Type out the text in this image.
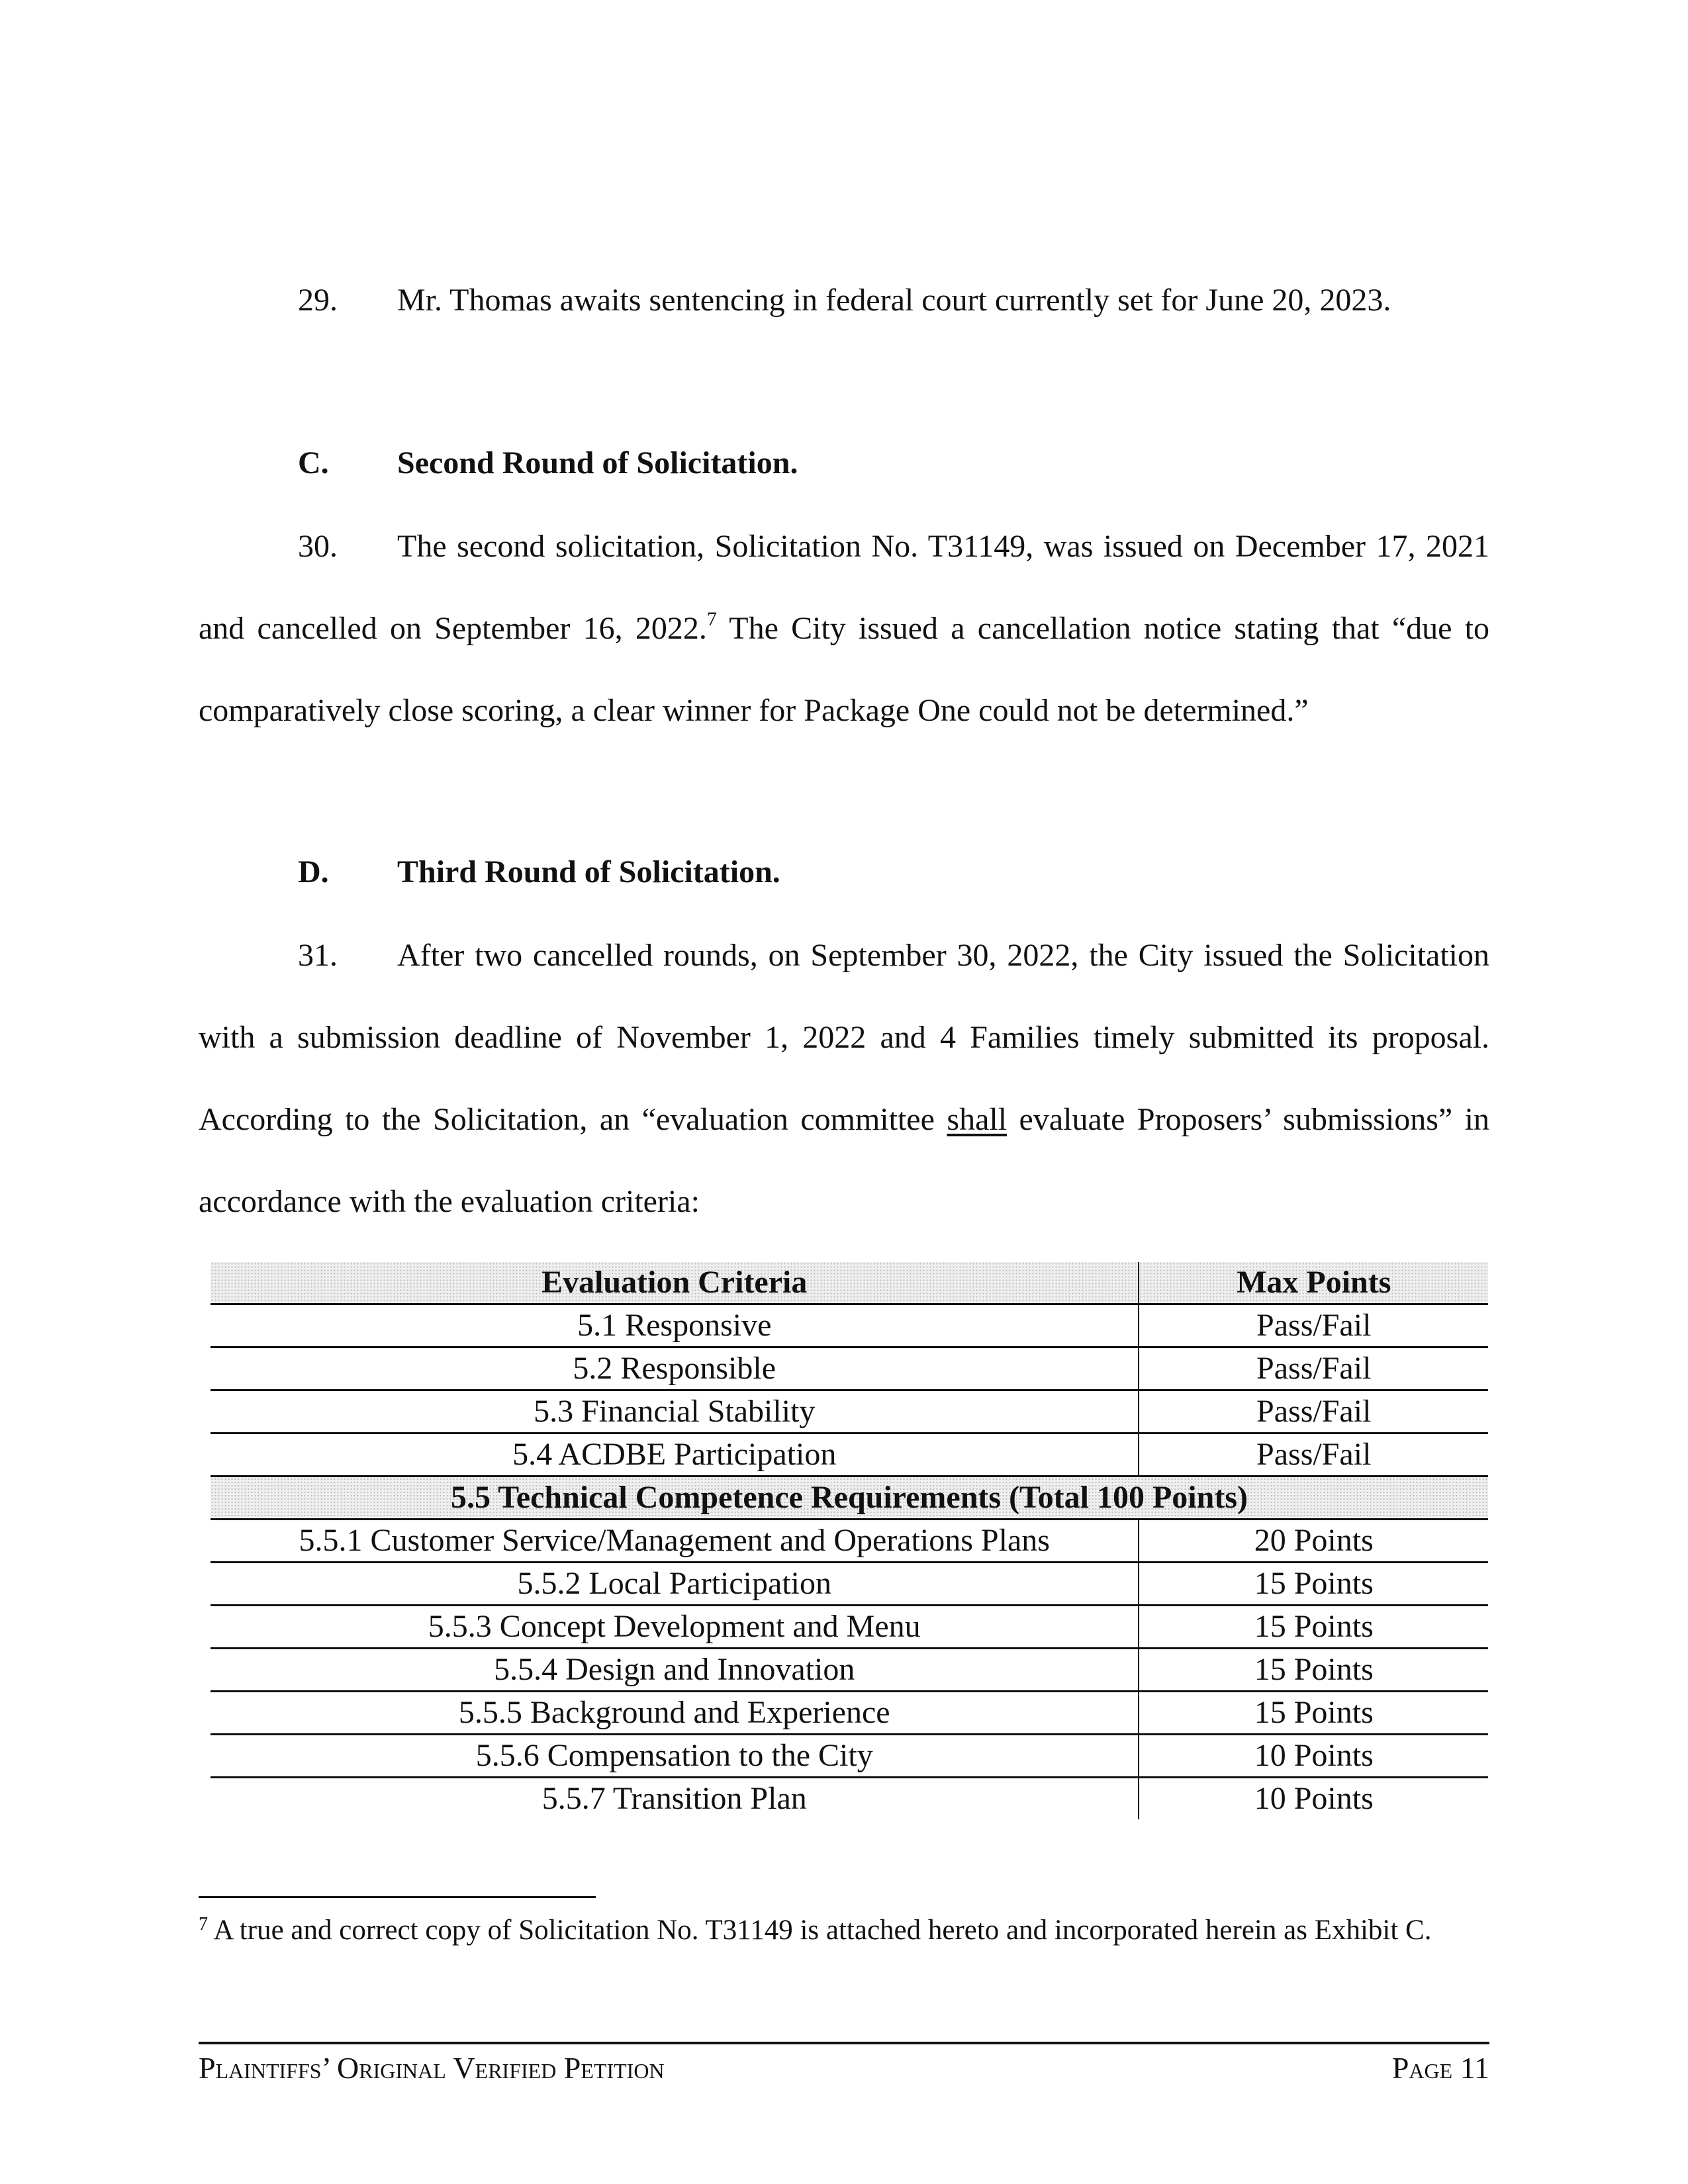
29. Mr. Thomas awaits sentencing in federal court currently set for June 20, 2023.

C. Second Round of Solicitation.

30. The second solicitation, Solicitation No. T31149, was issued on December 17, 2021 and cancelled on September 16, 2022.$^7$ The City issued a cancellation notice stating that “due to comparatively close scoring, a clear winner for Package One could not be determined.”

D. Third Round of Solicitation.

31. After two cancelled rounds, on September 30, 2022, the City issued the Solicitation with a submission deadline of November 1, 2022 and 4 Families timely submitted its proposal. According to the Solicitation, an “evaluation committee shall evaluate Proposers’ submissions” in accordance with the evaluation criteria:

Evaluation Criteria	Max Points
5.1 Responsive	Pass/Fail
5.2 Responsible	Pass/Fail
5.3 Financial Stability	Pass/Fail
5.4 ACDBE Participation	Pass/Fail
5.5 Technical Competence Requirements (Total 100 Points)	
5.5.1 Customer Service/Management and Operations Plans	20 Points
5.5.2 Local Participation	15 Points
5.5.3 Concept Development and Menu	15 Points
5.5.4 Design and Innovation	15 Points
5.5.5 Background and Experience	15 Points
5.5.6 Compensation to the City	10 Points
5.5.7 Transition Plan	10 Points

$^7$ A true and correct copy of Solicitation No. T31149 is attached hereto and incorporated herein as Exhibit C.

Plaintiffs’ Original Verified Petition	Page 11
